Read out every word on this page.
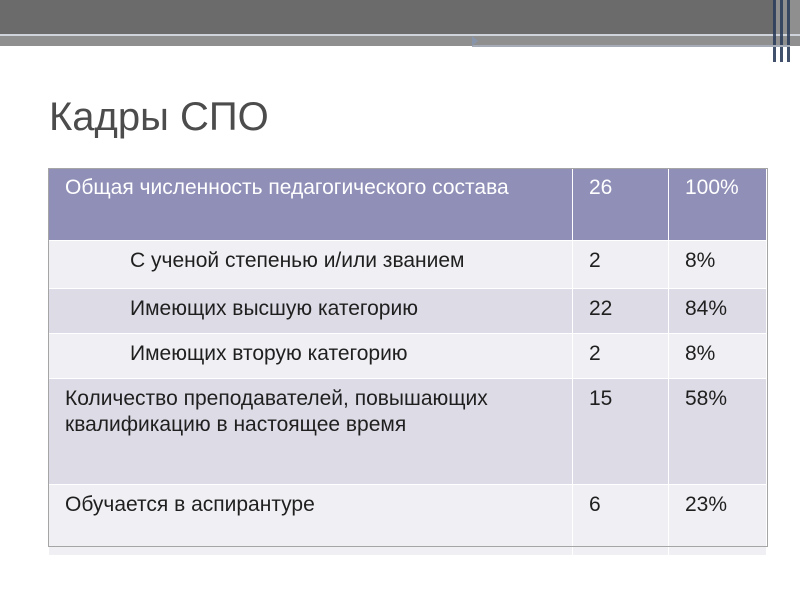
Кадры СПО
Общая численность педагогического состава	26	100%
С ученой степенью и/или званием	2	8%
Имеющих высшую категорию	22	84%
Имеющих вторую категорию	2	8%
Количество преподавателей, повышающих квалификацию в настоящее время	15	58%
Обучается в аспирантуре	6	23%
